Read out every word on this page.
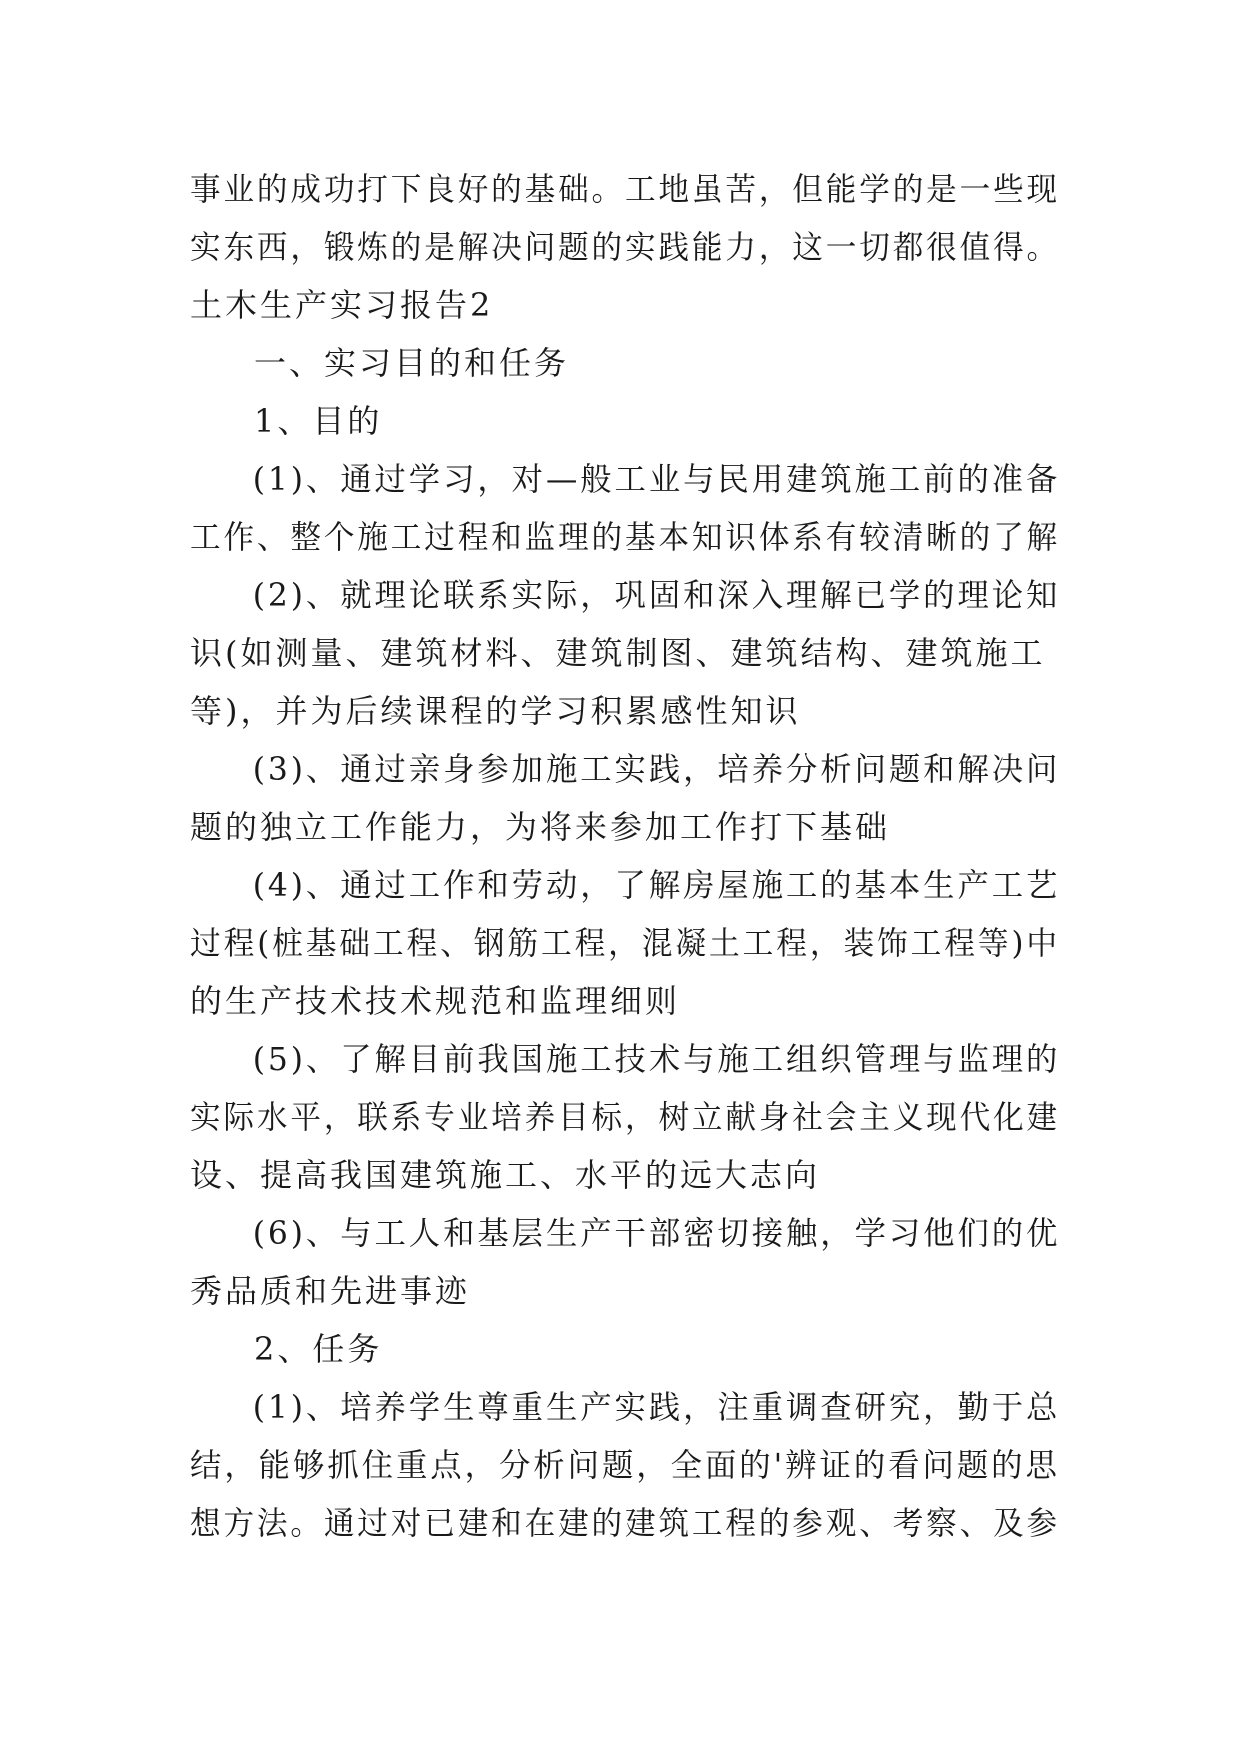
事业的成功打下良好的基础。工地虽苦，但能学的是一些现
实东西，锻炼的是解决问题的实践能力，这一切都很值得。
土木生产实习报告2
一、实习目的和任务
1、目的
(1)、通过学习，对—般工业与民用建筑施工前的准备
工作、整个施工过程和监理的基本知识体系有较清晰的了解
(2)、就理论联系实际，巩固和深入理解已学的理论知
识(如测量、建筑材料、建筑制图、建筑结构、建筑施工
等)，并为后续课程的学习积累感性知识
(3)、通过亲身参加施工实践，培养分析问题和解决问
题的独立工作能力，为将来参加工作打下基础
(4)、通过工作和劳动，了解房屋施工的基本生产工艺
过程(桩基础工程、钢筋工程，混凝土工程，装饰工程等)中
的生产技术技术规范和监理细则
(5)、了解目前我国施工技术与施工组织管理与监理的
实际水平，联系专业培养目标，树立献身社会主义现代化建
设、提高我国建筑施工、水平的远大志向
(6)、与工人和基层生产干部密切接触，学习他们的优
秀品质和先进事迹
2、任务
(1)、培养学生尊重生产实践，注重调查研究，勤于总
结，能够抓住重点，分析问题，全面的'辨证的看问题的思
想方法。通过对已建和在建的建筑工程的参观、考察、及参
